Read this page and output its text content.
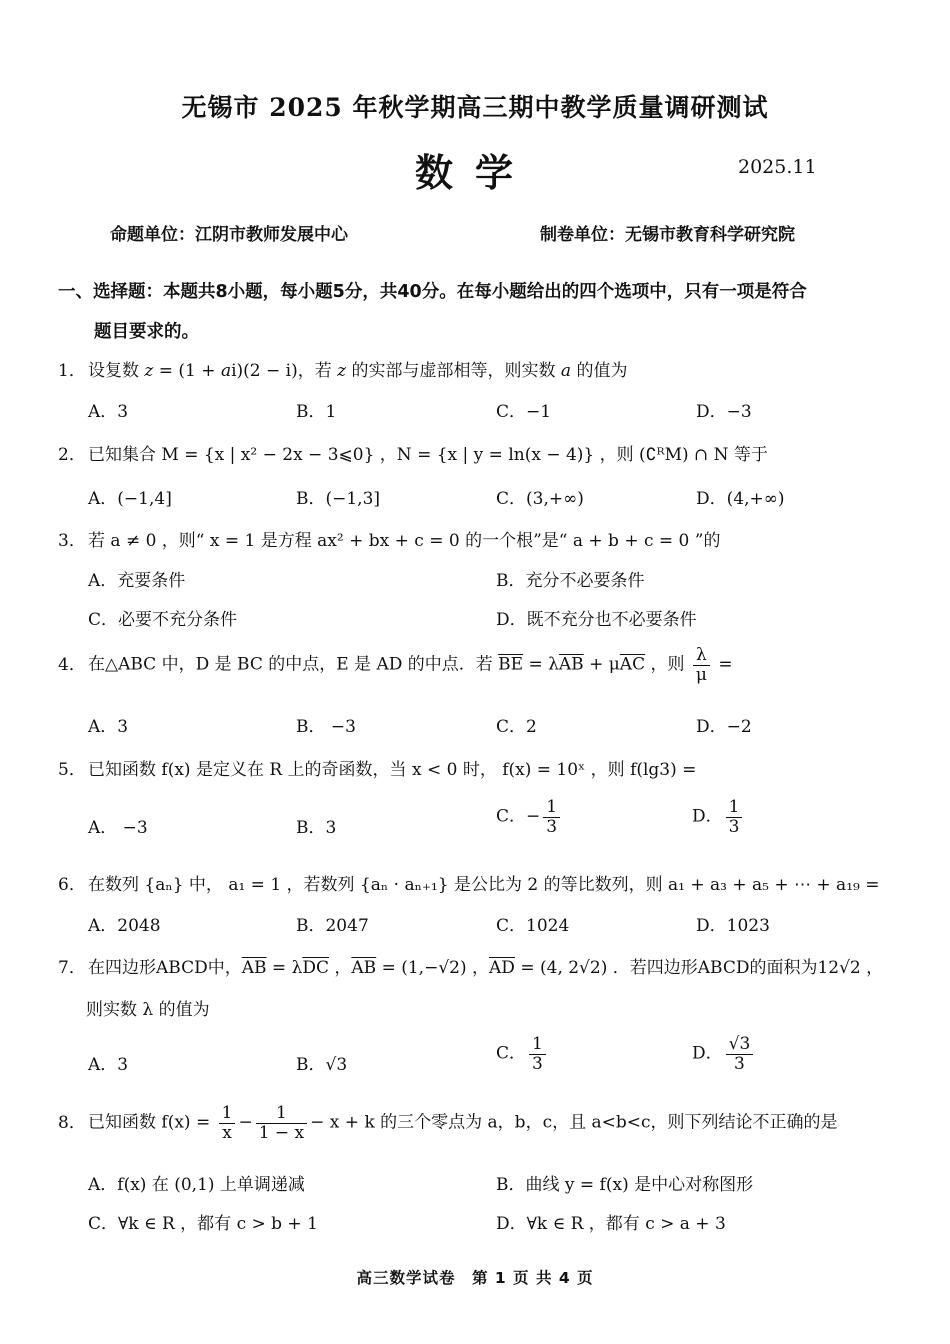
无锡市 2025 年秋学期高三期中教学质量调研测试
数学	2025.11
命题单位：江阴市教师发展中心	制卷单位：无锡市教育科学研究院
一、选择题：本题共8小题，每小题5分，共40分。在每小题给出的四个选项中，只有一项是符合
题目要求的。
1． 设复数 z = (1 + ai)(2 − i)，若 z 的实部与虚部相等，则实数 a 的值为
A．3	B．1	C．−1	D．−3
2． 已知集合 M = {x | x² − 2x − 3⩽0} ，N = {x | y = ln(x − 4)} ，则 (∁ᴿM) ∩ N 等于
A．(−1,4]	B．(−1,3]	C．(3,+∞)	D．(4,+∞)
3． 若 a ≠ 0 ，则“ x = 1 是方程 ax² + bx + c = 0 的一个根”是“ a + b + c = 0 ”的
A．充要条件	B．充分不必要条件
C．必要不充分条件	D．既不充分也不必要条件
4． 在△ABC 中，D 是 BC 的中点，E 是 AD 的中点．若 $\overline{BE} = \lambda\overline{AB} + \mu\overline{AC}$ ，则 $\frac{\lambda}{\mu}$ =
A．3	B． −3	C．2	D．−2
5． 已知函数 f(x) 是定义在 R 上的奇函数，当 x < 0 时， f(x) = 10ˣ ，则 f(lg3) =
A． −3	B．3
C．− $\frac{1}{3}$	D． $\frac{1}{3}$
6． 在数列 {aₙ} 中， a₁ = 1 ，若数列 {aₙ · aₙ₊₁} 是公比为 2 的等比数列，则 a₁ + a₃ + a₅ + ⋯ + a₁₉ =
A．2048	B．2047	C．1024	D．1023
7． 在四边形ABCD中，$\overline{AB} = \lambda\overline{DC}$ ，$\overline{AB} = (1,-√2)$ ，$\overline{AD} = (4$, 2√2) ．若四边形ABCD的面积为12√2 ，
则实数 λ 的值为
A．3	B．√3
C． $\frac{1}{3}$	D． $\frac{√3}{3}$
8． 已知函数 $f(x) = \frac{1}{x} - \frac{1}{1 - x} - x + k$ 的三个零点为 a，b，c，且 a<b<c，则下列结论不正确的是
A．f(x) 在 (0,1) 上单调递减	B．曲线 y = f(x) 是中心对称图形
C．∀k ∈ R ，都有 c > b + 1	D．∀k ∈ R ，都有 c > a + 3
高三数学试卷　第 1 页 共 4 页
